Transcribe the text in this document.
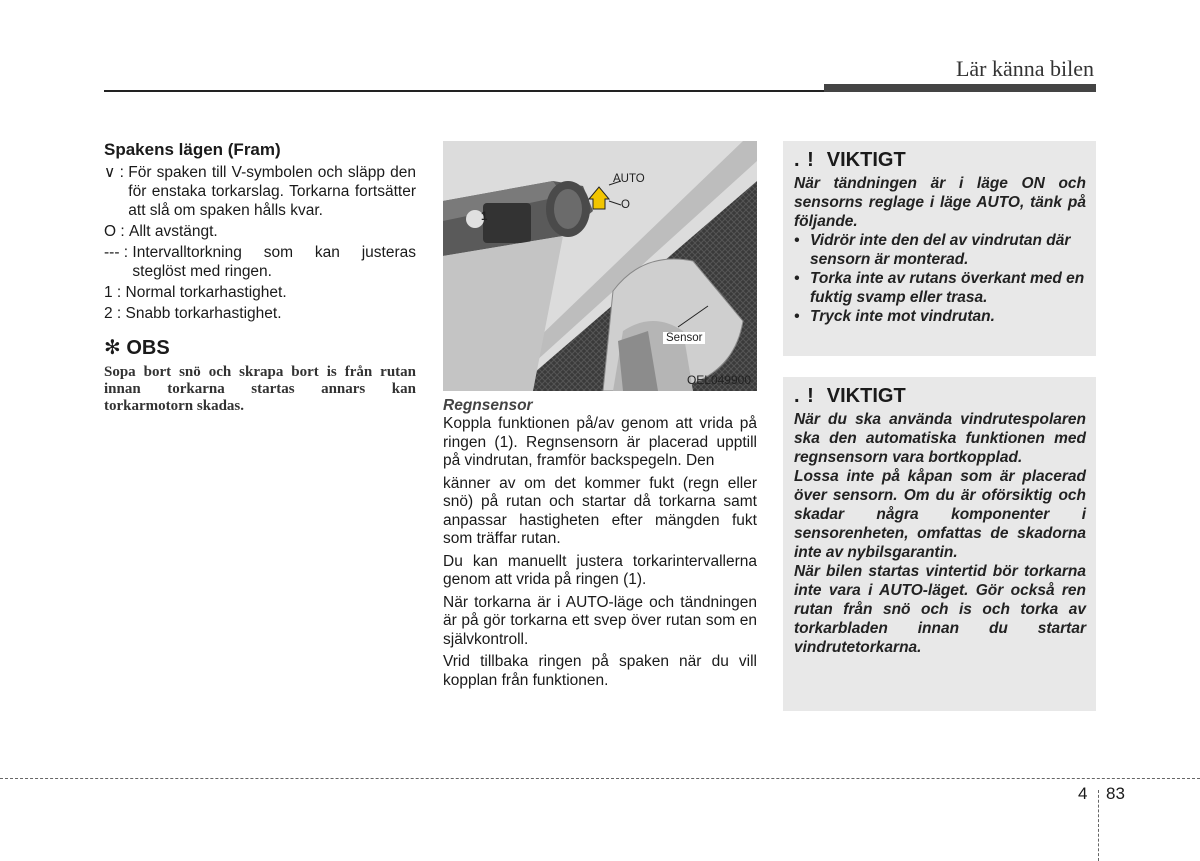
Lär känna bilen
Spakens lägen (Fram)
∨ : För spaken till V-symbolen och släpp den för enstaka torkarslag. Torkarna fortsätter att slå om spaken hålls kvar.
O : Allt avstängt.
--- : Intervalltorkning som kan justeras steglöst med ringen.
1 : Normal torkarhastighet.
2 : Snabb torkarhastighet.
✻ OBS
Sopa bort snö och skrapa bort is från rutan innan torkarna startas annars kan torkarmotorn skadas.
AUTO
O
1
Sensor
OEL049900
Regnsensor

Koppla funktionen på/av genom att vrida på ringen (1). Regnsensorn är placerad upptill på vindrutan, framför backspegeln. Den

känner av om det kommer fukt (regn eller snö) på rutan och startar då torkarna samt anpassar hastigheten efter mängden fukt som träffar rutan.

Du kan manuellt justera torkarintervallerna genom att vrida på ringen (1).

När torkarna är i AUTO-läge och tändningen är på gör torkarna ett svep över rutan som en självkontroll.

Vrid tillbaka ringen på spaken när du vill kopplan från funktionen.

. ! VIKTIGT
När tändningen är i läge ON och sensorns reglage i läge AUTO, tänk på följande.
• Vidrör inte den del av vindrutan där sensorn är monterad.
• Torka inte av rutans överkant med en fuktig svamp eller trasa.
• Tryck inte mot vindrutan.
. ! VIKTIGT
När du ska använda vindrutespolaren ska den automatiska funktionen med regnsensorn vara bortkopplad.
Lossa inte på kåpan som är placerad över sensorn. Om du är oförsiktig och skadar några komponenter i sensorenheten, omfattas de skadorna inte av nybilsgarantin.
När bilen startas vintertid bör torkarna inte vara i AUTO-läget. Gör också ren rutan från snö och is och torka av torkarbladen innan du startar vindrutetorkarna.
4 83
